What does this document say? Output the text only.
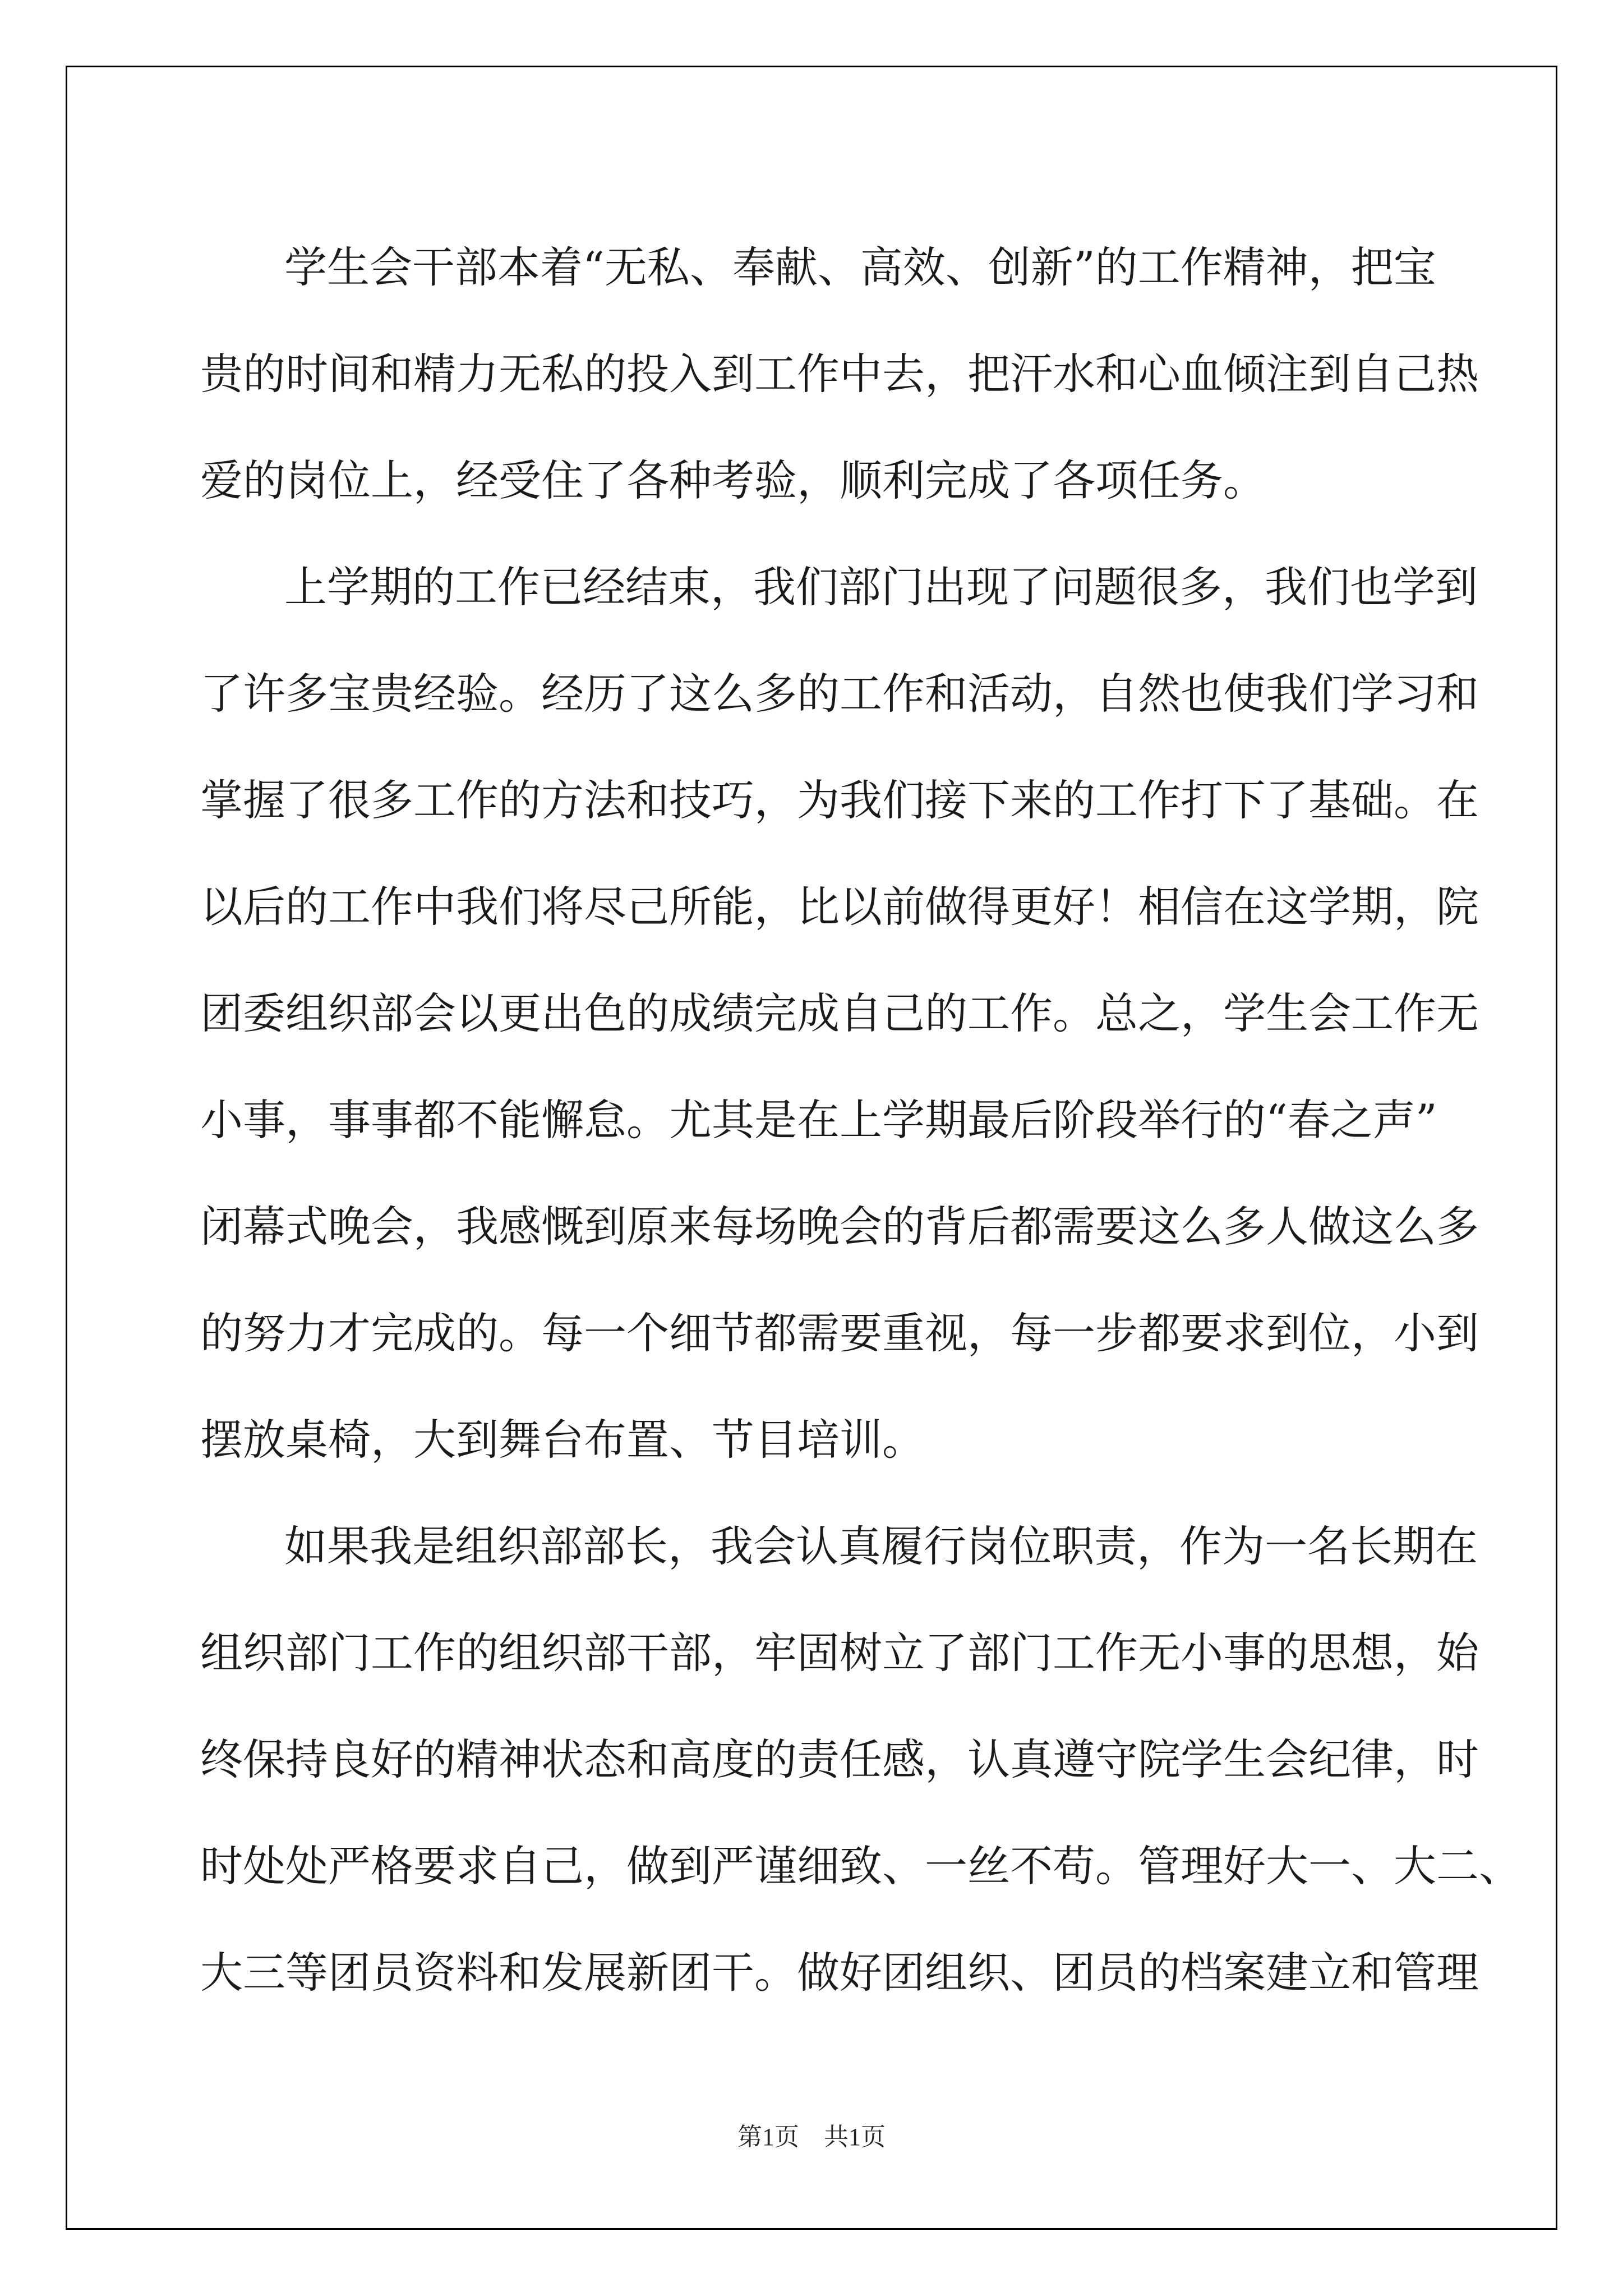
学生会干部本着“无私、奉献、高效、创新”的工作精神，把宝
贵的时间和精力无私的投入到工作中去，把汗水和心血倾注到自己热
爱的岗位上，经受住了各种考验，顺利完成了各项任务。
上学期的工作已经结束，我们部门出现了问题很多，我们也学到
了许多宝贵经验。经历了这么多的工作和活动，自然也使我们学习和
掌握了很多工作的方法和技巧，为我们接下来的工作打下了基础。在
以后的工作中我们将尽己所能，比以前做得更好！相信在这学期，院
团委组织部会以更出色的成绩完成自己的工作。总之，学生会工作无
小事，事事都不能懈怠。尤其是在上学期最后阶段举行的“春之声”
闭幕式晚会，我感慨到原来每场晚会的背后都需要这么多人做这么多
的努力才完成的。每一个细节都需要重视，每一步都要求到位，小到
摆放桌椅，大到舞台布置、节目培训。
如果我是组织部部长，我会认真履行岗位职责，作为一名长期在
组织部门工作的组织部干部，牢固树立了部门工作无小事的思想，始
终保持良好的精神状态和高度的责任感，认真遵守院学生会纪律，时
时处处严格要求自己，做到严谨细致、一丝不苟。管理好大一、大二、
大三等团员资料和发展新团干。做好团组织、团员的档案建立和管理
第1页　共1页
